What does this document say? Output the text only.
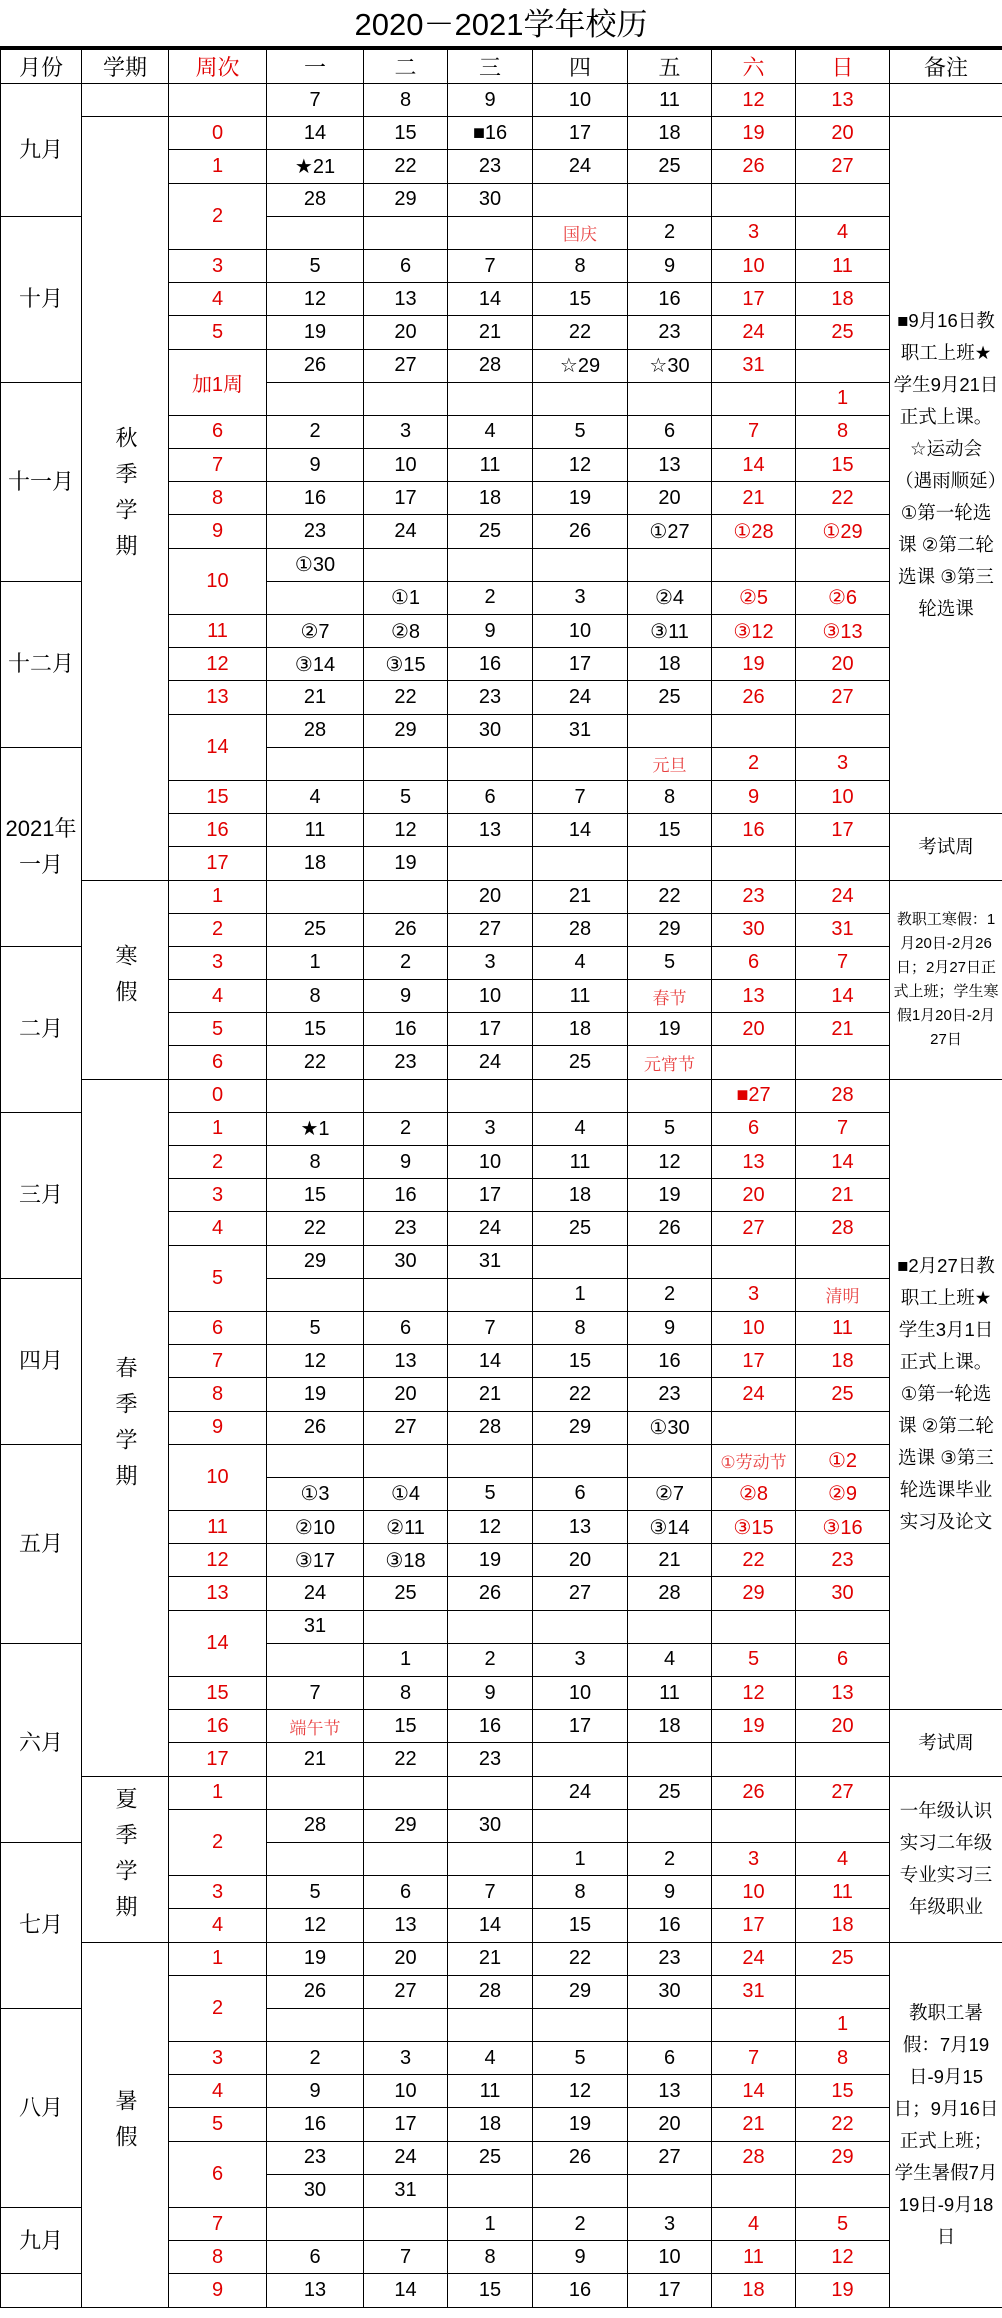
2020－2021学年校历
月份	学期	周次	一	二	三	四	五	六	日	备注
九月			7	8	9	10	11	12	13	
	秋季学期	0	14	15	■16	17	18	19	20	■9月16日教职工上班★学生9月21日正式上课。☆运动会（遇雨顺延）①第一轮选课 ②第二轮选课 ③第三轮选课
		1	★21	22	23	24	25	26	27	
		2	28	29	30					
十月						国庆	2	3	4	
		3	5	6	7	8	9	10	11	
		4	12	13	14	15	16	17	18	
		5	19	20	21	22	23	24	25	
		加1周	26	27	28	☆29	☆30	31		
十一月									1	
		6	2	3	4	5	6	7	8	
		7	9	10	11	12	13	14	15	
		8	16	17	18	19	20	21	22	
		9	23	24	25	26	①27	①28	①29	
		10	①30							
十二月				①1	2	3	②4	②5	②6	
		11	②7	②8	9	10	③11	③12	③13	
		12	③14	③15	16	17	18	19	20	
		13	21	22	23	24	25	26	27	
		14	28	29	30	31				
2021年一月							元旦	2	3	
		15	4	5	6	7	8	9	10	
		16	11	12	13	14	15	16	17	考试周
		17	18	19						
	寒假	1			20	21	22	23	24	教职工寒假：1月20日-2月26日；2月27日正式上班；学生寒假1月20日-2月27日
		2	25	26	27	28	29	30	31	
二月		3	1	2	3	4	5	6	7	
		4	8	9	10	11	春节	13	14	
		5	15	16	17	18	19	20	21	
		6	22	23	24	25	元宵节			
	春季学期	0						■27	28	■2月27日教职工上班★学生3月1日正式上课。①第一轮选课 ②第二轮选课 ③第三轮选课毕业实习及论文
三月		1	★1	2	3	4	5	6	7	
		2	8	9	10	11	12	13	14	
		3	15	16	17	18	19	20	21	
		4	22	23	24	25	26	27	28	
		5	29	30	31					
四月						1	2	3	清明	
		6	5	6	7	8	9	10	11	
		7	12	13	14	15	16	17	18	
		8	19	20	21	22	23	24	25	
		9	26	27	28	29	①30			
五月		10						①劳动节	①2	
			①3	①4	5	6	②7	②8	②9	
		11	②10	②11	12	13	③14	③15	③16	
		12	③17	③18	19	20	21	22	23	
		13	24	25	26	27	28	29	30	
		14	31							
六月				1	2	3	4	5	6	
		15	7	8	9	10	11	12	13	
		16	端午节	15	16	17	18	19	20	考试周
		17	21	22	23					
	夏季学期	1				24	25	26	27	一年级认识实习二年级专业实习三年级职业
		2	28	29	30					
七月						1	2	3	4	
		3	5	6	7	8	9	10	11	
		4	12	13	14	15	16	17	18	
	暑假	1	19	20	21	22	23	24	25	教职工暑假：7月19日-9月15日；9月16日正式上班；学生暑假7月19日-9月18日
		2	26	27	28	29	30	31		
八月									1	
		3	2	3	4	5	6	7	8	
		4	9	10	11	12	13	14	15	
		5	16	17	18	19	20	21	22	
		6	23	24	25	26	27	28	29	
			30	31						
九月		7			1	2	3	4	5	
		8	6	7	8	9	10	11	12	
		9	13	14	15	16	17	18	19	
